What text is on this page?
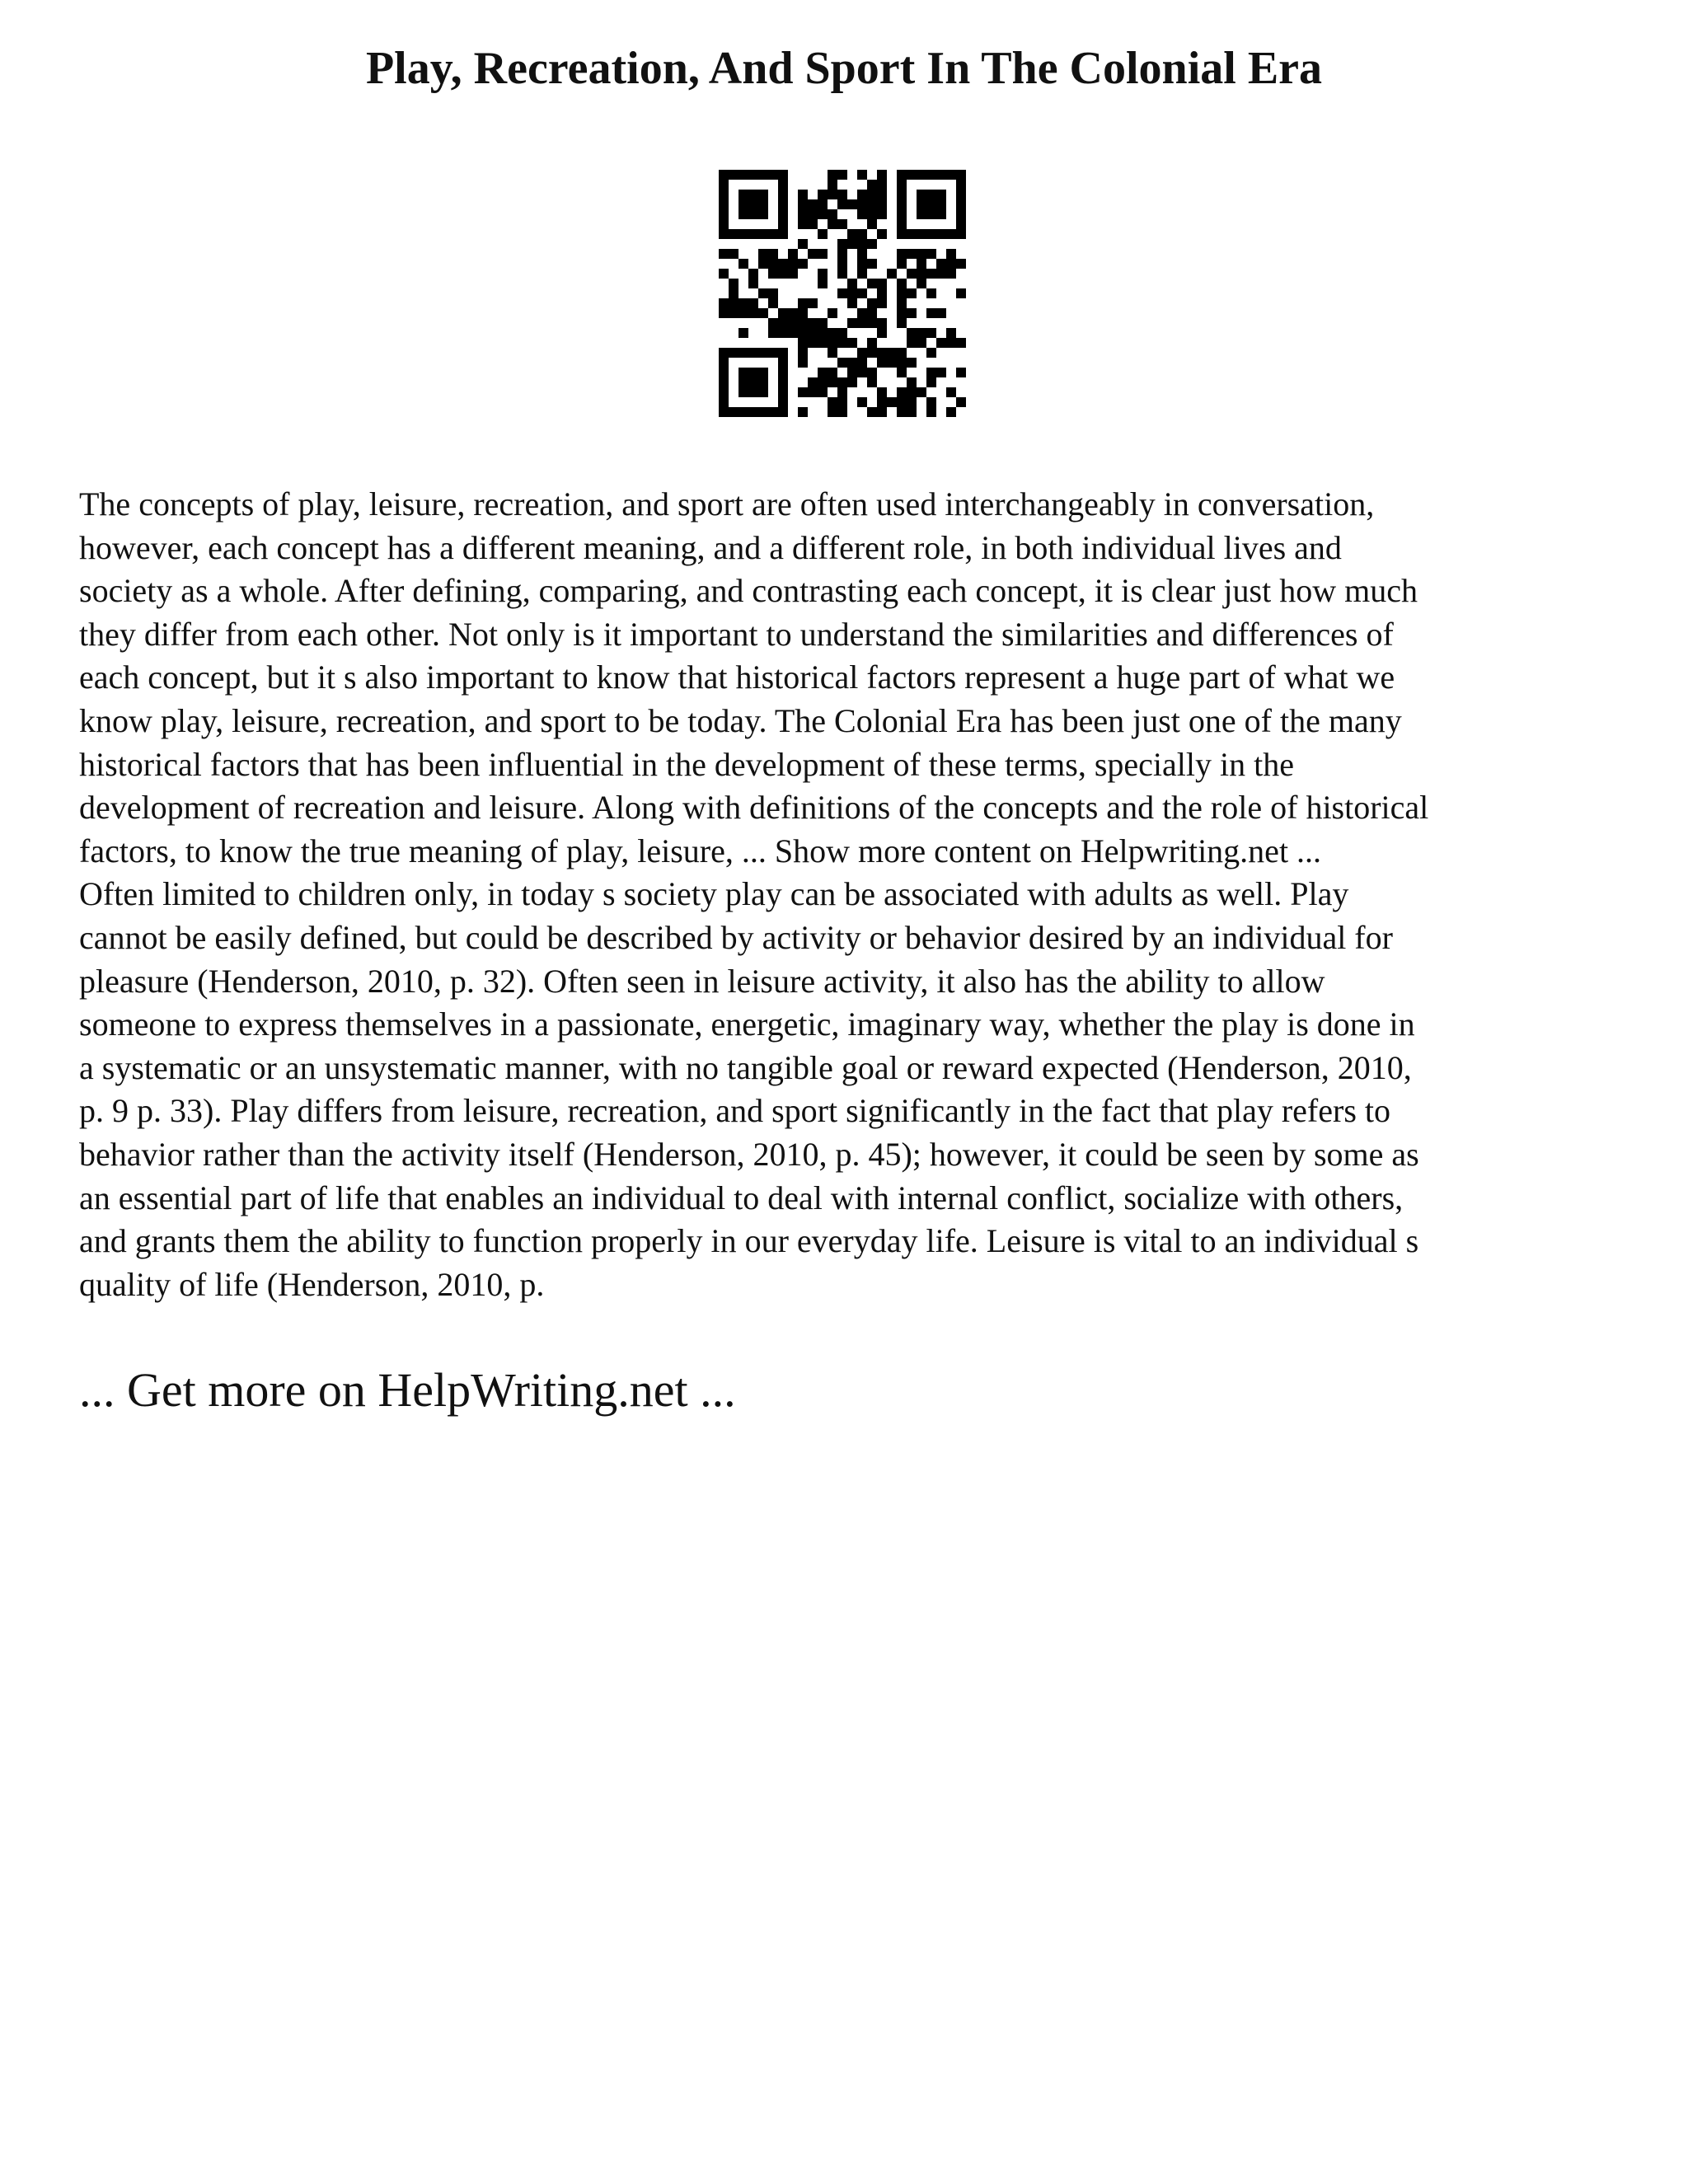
Play, Recreation, And Sport In The Colonial Era

The concepts of play, leisure, recreation, and sport are often used interchangeably in conversation,
however, each concept has a different meaning, and a different role, in both individual lives and
society as a whole. After defining, comparing, and contrasting each concept, it is clear just how much
they differ from each other. Not only is it important to understand the similarities and differences of
each concept, but it s also important to know that historical factors represent a huge part of what we
know play, leisure, recreation, and sport to be today. The Colonial Era has been just one of the many
historical factors that has been influential in the development of these terms, specially in the
development of recreation and leisure. Along with definitions of the concepts and the role of historical
factors, to know the true meaning of play, leisure, ... Show more content on Helpwriting.net ...
Often limited to children only, in today s society play can be associated with adults as well. Play
cannot be easily defined, but could be described by activity or behavior desired by an individual for
pleasure (Henderson, 2010, p. 32). Often seen in leisure activity, it also has the ability to allow
someone to express themselves in a passionate, energetic, imaginary way, whether the play is done in
a systematic or an unsystematic manner, with no tangible goal or reward expected (Henderson, 2010,
p. 9 p. 33). Play differs from leisure, recreation, and sport significantly in the fact that play refers to
behavior rather than the activity itself (Henderson, 2010, p. 45); however, it could be seen by some as
an essential part of life that enables an individual to deal with internal conflict, socialize with others,
and grants them the ability to function properly in our everyday life. Leisure is vital to an individual s
quality of life (Henderson, 2010, p.

... Get more on HelpWriting.net ...
